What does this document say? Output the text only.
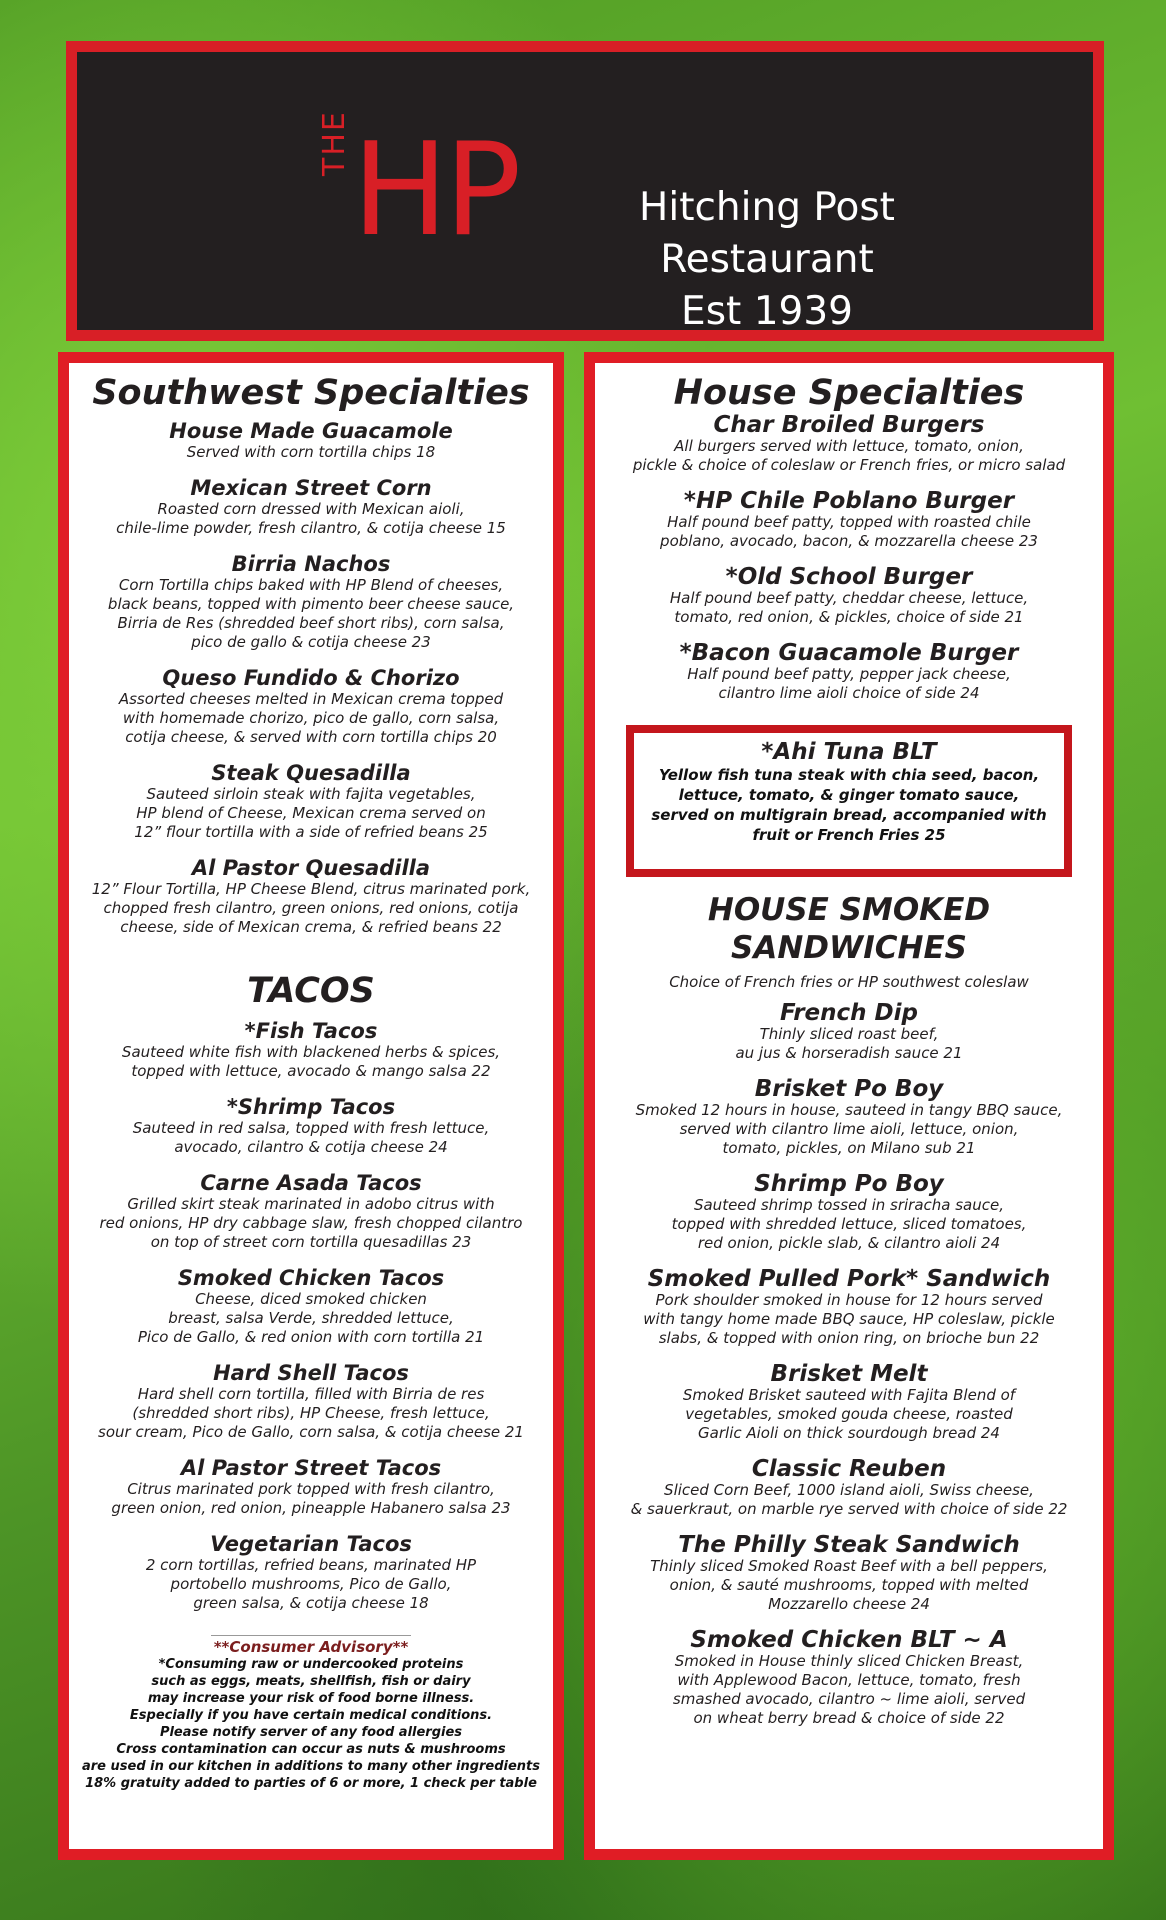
THE HP	Hitching Post Restaurant
Est 1939
Southwest Specialties
House Made Guacamole
Served with corn tortilla chips 18
Mexican Street Corn
Roasted corn dressed with Mexican aioli,
chile-lime powder, fresh cilantro, & cotija cheese 15
Birria Nachos
Corn Tortilla chips baked with HP Blend of cheeses,
black beans, topped with pimento beer cheese sauce,
Birria de Res (shredded beef short ribs), corn salsa,
pico de gallo & cotija cheese 23
Queso Fundido & Chorizo
Assorted cheeses melted in Mexican crema topped
with homemade chorizo, pico de gallo, corn salsa,
cotija cheese, & served with corn tortilla chips 20
Steak Quesadilla
Sauteed sirloin steak with fajita vegetables,
HP blend of Cheese, Mexican crema served on
12” flour tortilla with a side of refried beans 25
Al Pastor Quesadilla
12” Flour Tortilla, HP Cheese Blend, citrus marinated pork,
chopped fresh cilantro, green onions, red onions, cotija
cheese, side of Mexican crema, & refried beans 22
TACOS
*Fish Tacos
Sauteed white fish with blackened herbs & spices,
topped with lettuce, avocado & mango salsa 22
*Shrimp Tacos
Sauteed in red salsa, topped with fresh lettuce,
avocado, cilantro & cotija cheese 24
Carne Asada Tacos
Grilled skirt steak marinated in adobo citrus with
red onions, HP dry cabbage slaw, fresh chopped cilantro
on top of street corn tortilla quesadillas 23
Smoked Chicken Tacos
Cheese, diced smoked chicken
breast, salsa Verde, shredded lettuce,
Pico de Gallo, & red onion with corn tortilla 21
Hard Shell Tacos
Hard shell corn tortilla, filled with Birria de res
(shredded short ribs), HP Cheese, fresh lettuce,
sour cream, Pico de Gallo, corn salsa, & cotija cheese 21
Al Pastor Street Tacos
Citrus marinated pork topped with fresh cilantro,
green onion, red onion, pineapple Habanero salsa 23
Vegetarian Tacos
2 corn tortillas, refried beans, marinated HP
portobello mushrooms, Pico de Gallo,
green salsa, & cotija cheese 18
**Consumer Advisory**
*Consuming raw or undercooked proteins
such as eggs, meats, shellfish, fish or dairy
may increase your risk of food borne illness.
Especially if you have certain medical conditions.
Please notify server of any food allergies
Cross contamination can occur as nuts & mushrooms
are used in our kitchen in additions to many other ingredients
18% gratuity added to parties of 6 or more, 1 check per table
House Specialties
Char Broiled Burgers
All burgers served with lettuce, tomato, onion,
pickle & choice of coleslaw or French fries, or micro salad
*HP Chile Poblano Burger
Half pound beef patty, topped with roasted chile
poblano, avocado, bacon, & mozzarella cheese 23
*Old School Burger
Half pound beef patty, cheddar cheese, lettuce,
tomato, red onion, & pickles, choice of side 21
*Bacon Guacamole Burger
Half pound beef patty, pepper jack cheese,
cilantro lime aioli choice of side 24
*Ahi Tuna BLT
Yellow fish tuna steak with chia seed, bacon,
lettuce, tomato, & ginger tomato sauce,
served on multigrain bread, accompanied with
fruit or French Fries 25
HOUSE SMOKED
SANDWICHES
Choice of French fries or HP southwest coleslaw
French Dip
Thinly sliced roast beef,
au jus & horseradish sauce 21
Brisket Po Boy
Smoked 12 hours in house, sauteed in tangy BBQ sauce,
served with cilantro lime aioli, lettuce, onion,
tomato, pickles, on Milano sub 21
Shrimp Po Boy
Sauteed shrimp tossed in sriracha sauce,
topped with shredded lettuce, sliced tomatoes,
red onion, pickle slab, & cilantro aioli 24
Smoked Pulled Pork* Sandwich
Pork shoulder smoked in house for 12 hours served
with tangy home made BBQ sauce, HP coleslaw, pickle
slabs, & topped with onion ring, on brioche bun 22
Brisket Melt
Smoked Brisket sauteed with Fajita Blend of
vegetables, smoked gouda cheese, roasted
Garlic Aioli on thick sourdough bread 24
Classic Reuben
Sliced Corn Beef, 1000 island aioli, Swiss cheese,
& sauerkraut, on marble rye served with choice of side 22
The Philly Steak Sandwich
Thinly sliced Smoked Roast Beef with a bell peppers,
onion, & sauté mushrooms, topped with melted
Mozzarello cheese 24
Smoked Chicken BLT ~ A
Smoked in House thinly sliced Chicken Breast,
with Applewood Bacon, lettuce, tomato, fresh
smashed avocado, cilantro ~ lime aioli, served
on wheat berry bread & choice of side 22
